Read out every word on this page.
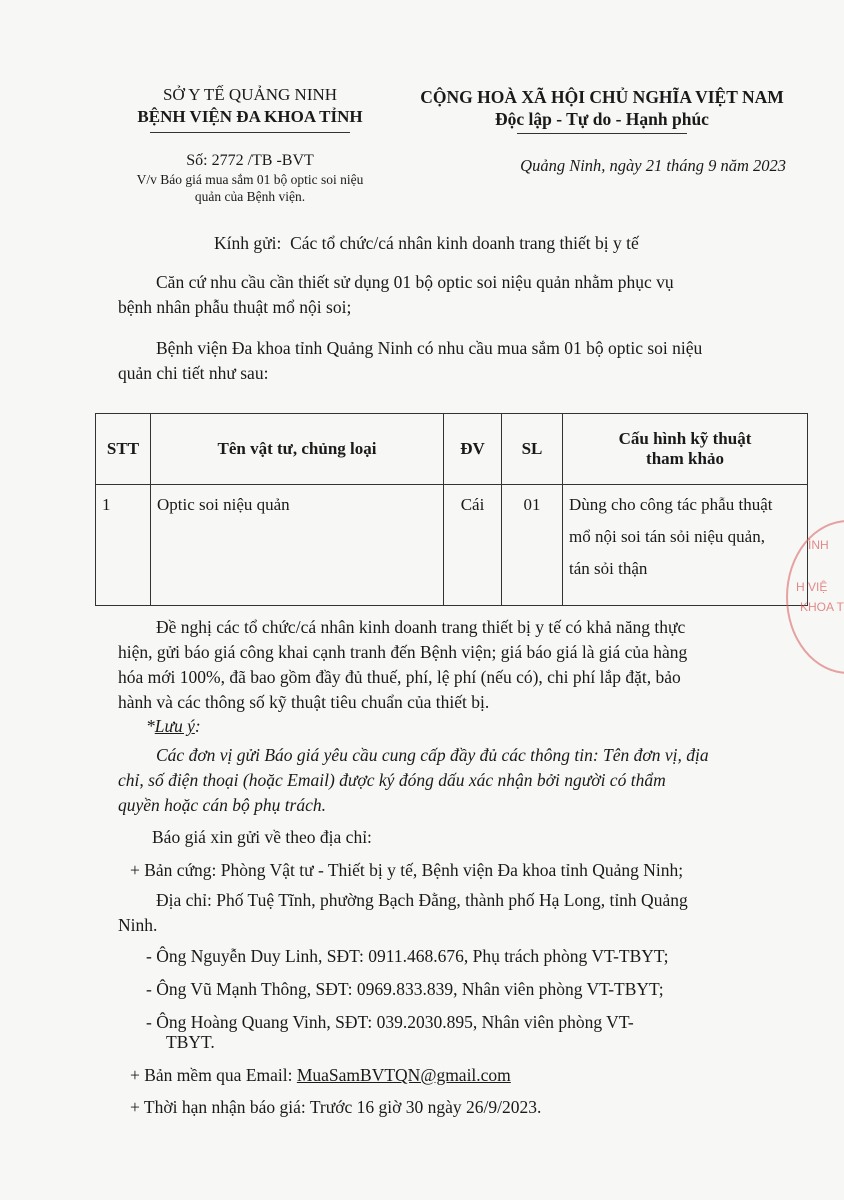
SỞ Y TẾ QUẢNG NINH
BỆNH VIỆN ĐA KHOA TỈNH
Số: 2772 /TB -BVT
V/v Báo giá mua sắm 01 bộ optic soi niệu
quản của Bệnh viện.
CỘNG HOÀ XÃ HỘI CHỦ NGHĨA VIỆT NAM
Độc lập - Tự do - Hạnh phúc
Quảng Ninh, ngày 21 tháng 9 năm 2023
Kính gửi: Các tổ chức/cá nhân kinh doanh trang thiết bị y tế
Căn cứ nhu cầu cần thiết sử dụng 01 bộ optic soi niệu quản nhằm phục vụ
bệnh nhân phẫu thuật mổ nội soi;
Bệnh viện Đa khoa tỉnh Quảng Ninh có nhu cầu mua sắm 01 bộ optic soi niệu
quản chi tiết như sau:
STT	Tên vật tư, chủng loại	ĐV	SL	Cấu hình kỹ thuật
tham khảo

1	Optic soi niệu quản	Cái	01	Dùng cho công tác phẫu thuật
mổ nội soi tán sỏi niệu quản,
tán sỏi thận
ÌNH
H VIỆ
KHOA T
Đề nghị các tổ chức/cá nhân kinh doanh trang thiết bị y tế có khả năng thực
hiện, gửi báo giá công khai cạnh tranh đến Bệnh viện; giá báo giá là giá của hàng
hóa mới 100%, đã bao gồm đầy đủ thuế, phí, lệ phí (nếu có), chi phí lắp đặt, bảo
hành và các thông số kỹ thuật tiêu chuẩn của thiết bị.
*Lưu ý:
Các đơn vị gửi Báo giá yêu cầu cung cấp đầy đủ các thông tin: Tên đơn vị, địa
chỉ, số điện thoại (hoặc Email) được ký đóng dấu xác nhận bởi người có thẩm
quyền hoặc cán bộ phụ trách.
Báo giá xin gửi về theo địa chỉ:
+ Bản cứng: Phòng Vật tư - Thiết bị y tế, Bệnh viện Đa khoa tỉnh Quảng Ninh;
Địa chỉ: Phố Tuệ Tĩnh, phường Bạch Đằng, thành phố Hạ Long, tỉnh Quảng
Ninh.
- Ông Nguyễn Duy Linh, SĐT: 0911.468.676, Phụ trách phòng VT-TBYT;
- Ông Vũ Mạnh Thông, SĐT: 0969.833.839, Nhân viên phòng VT-TBYT;
- Ông Hoàng Quang Vinh, SĐT: 039.2030.895, Nhân viên phòng VT-
TBYT.
+ Bản mềm qua Email: MuaSamBVTQN@gmail.com
+ Thời hạn nhận báo giá: Trước 16 giờ 30 ngày 26/9/2023.
